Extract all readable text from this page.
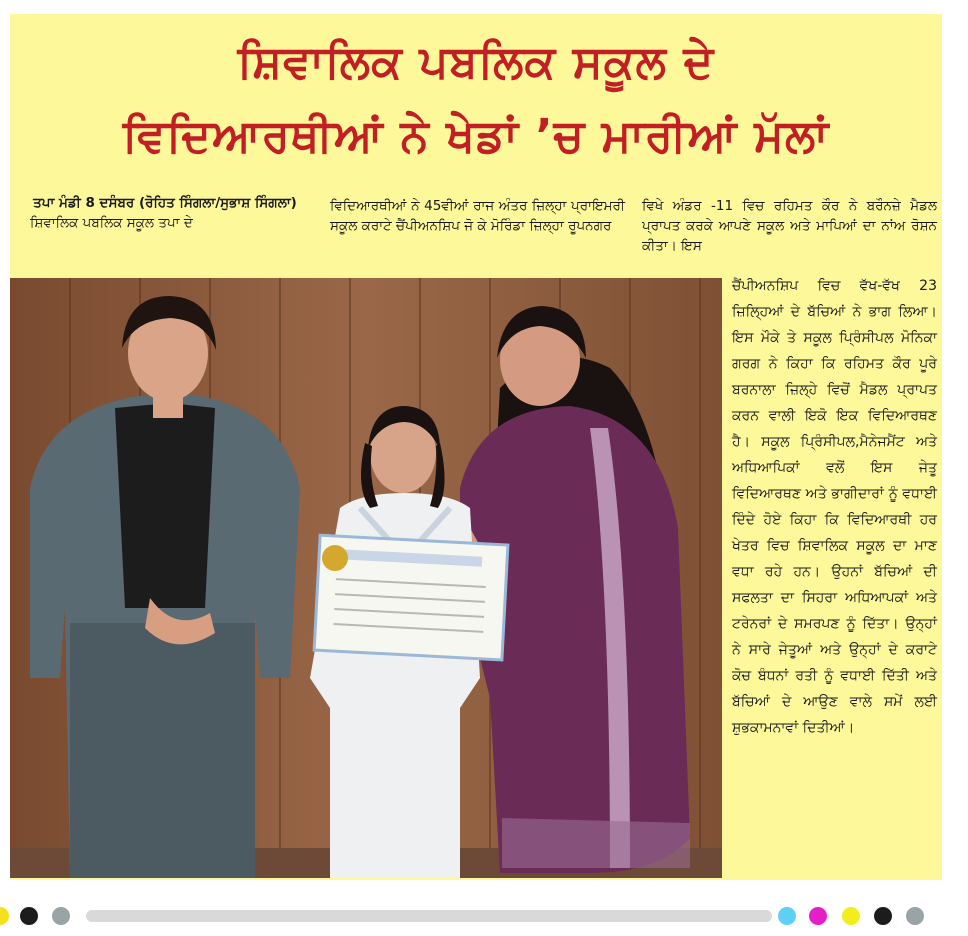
ਸ਼ਿਵਾਲਿਕ ਪਬਲਿਕ ਸਕੂਲ ਦੇ
ਵਿਦਿਆਰਥੀਆਂ ਨੇ ਖੇਡਾਂ ’ਚ ਮਾਰੀਆਂ ਮੱਲਾਂ
ਤਪਾ ਮੰਡੀ 8 ਦਸੰਬਰ (ਰੋਹਿਤ ਸਿੰਗਲਾ/ਸੁਭਾਸ਼ ਸਿੰਗਲਾ)
ਸ਼ਿਵਾਲਿਕ ਪਬਲਿਕ ਸਕੂਲ ਤਪਾ ਦੇ
ਵਿਦਿਆਰਥੀਆਂ ਨੇ 45ਵੀਆਂ ਰਾਜ ਅੰਤਰ ਜ਼ਿਲ੍ਹਾ ਪ੍ਰਾਇਮਰੀ ਸਕੂਲ ਕਰਾਟੇ ਚੈਂਪੀਅਨਸ਼ਿਪ ਜੋ ਕੇ ਮੋਰਿੰਡਾ ਜ਼ਿਲ੍ਹਾ ਰੂਪਨਗਰ
ਵਿਖੇ ਅੰਡਰ -11 ਵਿਚ ਰਹਿਮਤ ਕੌਰ ਨੇ ਬਰੌਨਜ਼ੇ ਮੈਡਲ ਪ੍ਰਾਪਤ ਕਰਕੇ ਆਪਣੇ ਸਕੂਲ ਅਤੇ ਮਾਪਿਆਂ ਦਾ ਨਾਂਅ ਰੋਸ਼ਨ ਕੀਤਾ। ਇਸ
ਚੈਂਪੀਅਨਸ਼ਿਪ ਵਿਚ ਵੱਖ-ਵੱਖ 23 ਜ਼ਿਲ੍ਹਿਆਂ ਦੇ ਬੱਚਿਆਂ ਨੇ ਭਾਗ ਲਿਆ।ਇਸ ਮੌਕੇ ਤੇ ਸਕੂਲ ਪ੍ਰਿੰਸੀਪਲ ਮੋਨਿਕਾ ਗਰਗ ਨੇ ਕਿਹਾ ਕਿ ਰਹਿਮਤ ਕੌਰ ਪੂਰੇ ਬਰਨਾਲਾ ਜ਼ਿਲ੍ਹੇ ਵਿਚੋਂ ਮੈਡਲ ਪ੍ਰਾਪਤ ਕਰਨ ਵਾਲੀ ਇਕੋ ਇਕ ਵਿਦਿਆਰਥਣ ਹੈ। ਸਕੂਲ ਪ੍ਰਿੰਸੀਪਲ,ਮੈਨੇਜਮੈਂਟ ਅਤੇ ਅਧਿਆਪਿਕਾਂ ਵਲੋਂ ਇਸ ਜੇਤੂ ਵਿਦਿਆਰਥਣ ਅਤੇ ਭਾਗੀਦਾਰਾਂ ਨੂੰ ਵਧਾਈ ਦਿੰਦੇ ਹੋਏ ਕਿਹਾ ਕਿ ਵਿਦਿਆਰਥੀ ਹਰ ਖੇਤਰ ਵਿਚ ਸ਼ਿਵਾਲਿਕ ਸਕੂਲ ਦਾ ਮਾਣ ਵਧਾ ਰਹੇ ਹਨ। ਉਹਨਾਂ ਬੱਚਿਆਂ ਦੀ ਸਫਲਤਾ ਦਾ ਸਿਹਰਾ ਅਧਿਆਪਕਾਂ ਅਤੇ ਟਰੇਨਰਾਂ ਦੇ ਸਮਰਪਣ ਨੂੰ ਦਿੱਤਾ। ਉਨ੍ਹਾਂ ਨੇ ਸਾਰੇ ਜੇਤੂਆਂ ਅਤੇ ਉਨ੍ਹਾਂ ਦੇ ਕਰਾਟੇ ਕੋਚ ਬੰਧਨਾਂ ਰਤੀ ਨੂੰ ਵਧਾਈ ਦਿੱਤੀ ਅਤੇ ਬੱਚਿਆਂ ਦੇ ਆਉਣ ਵਾਲੇ ਸਮੇਂ ਲਈ ਸ਼ੁਭਕਾਮਨਾਵਾਂ ਦਿਤੀਆਂ।
